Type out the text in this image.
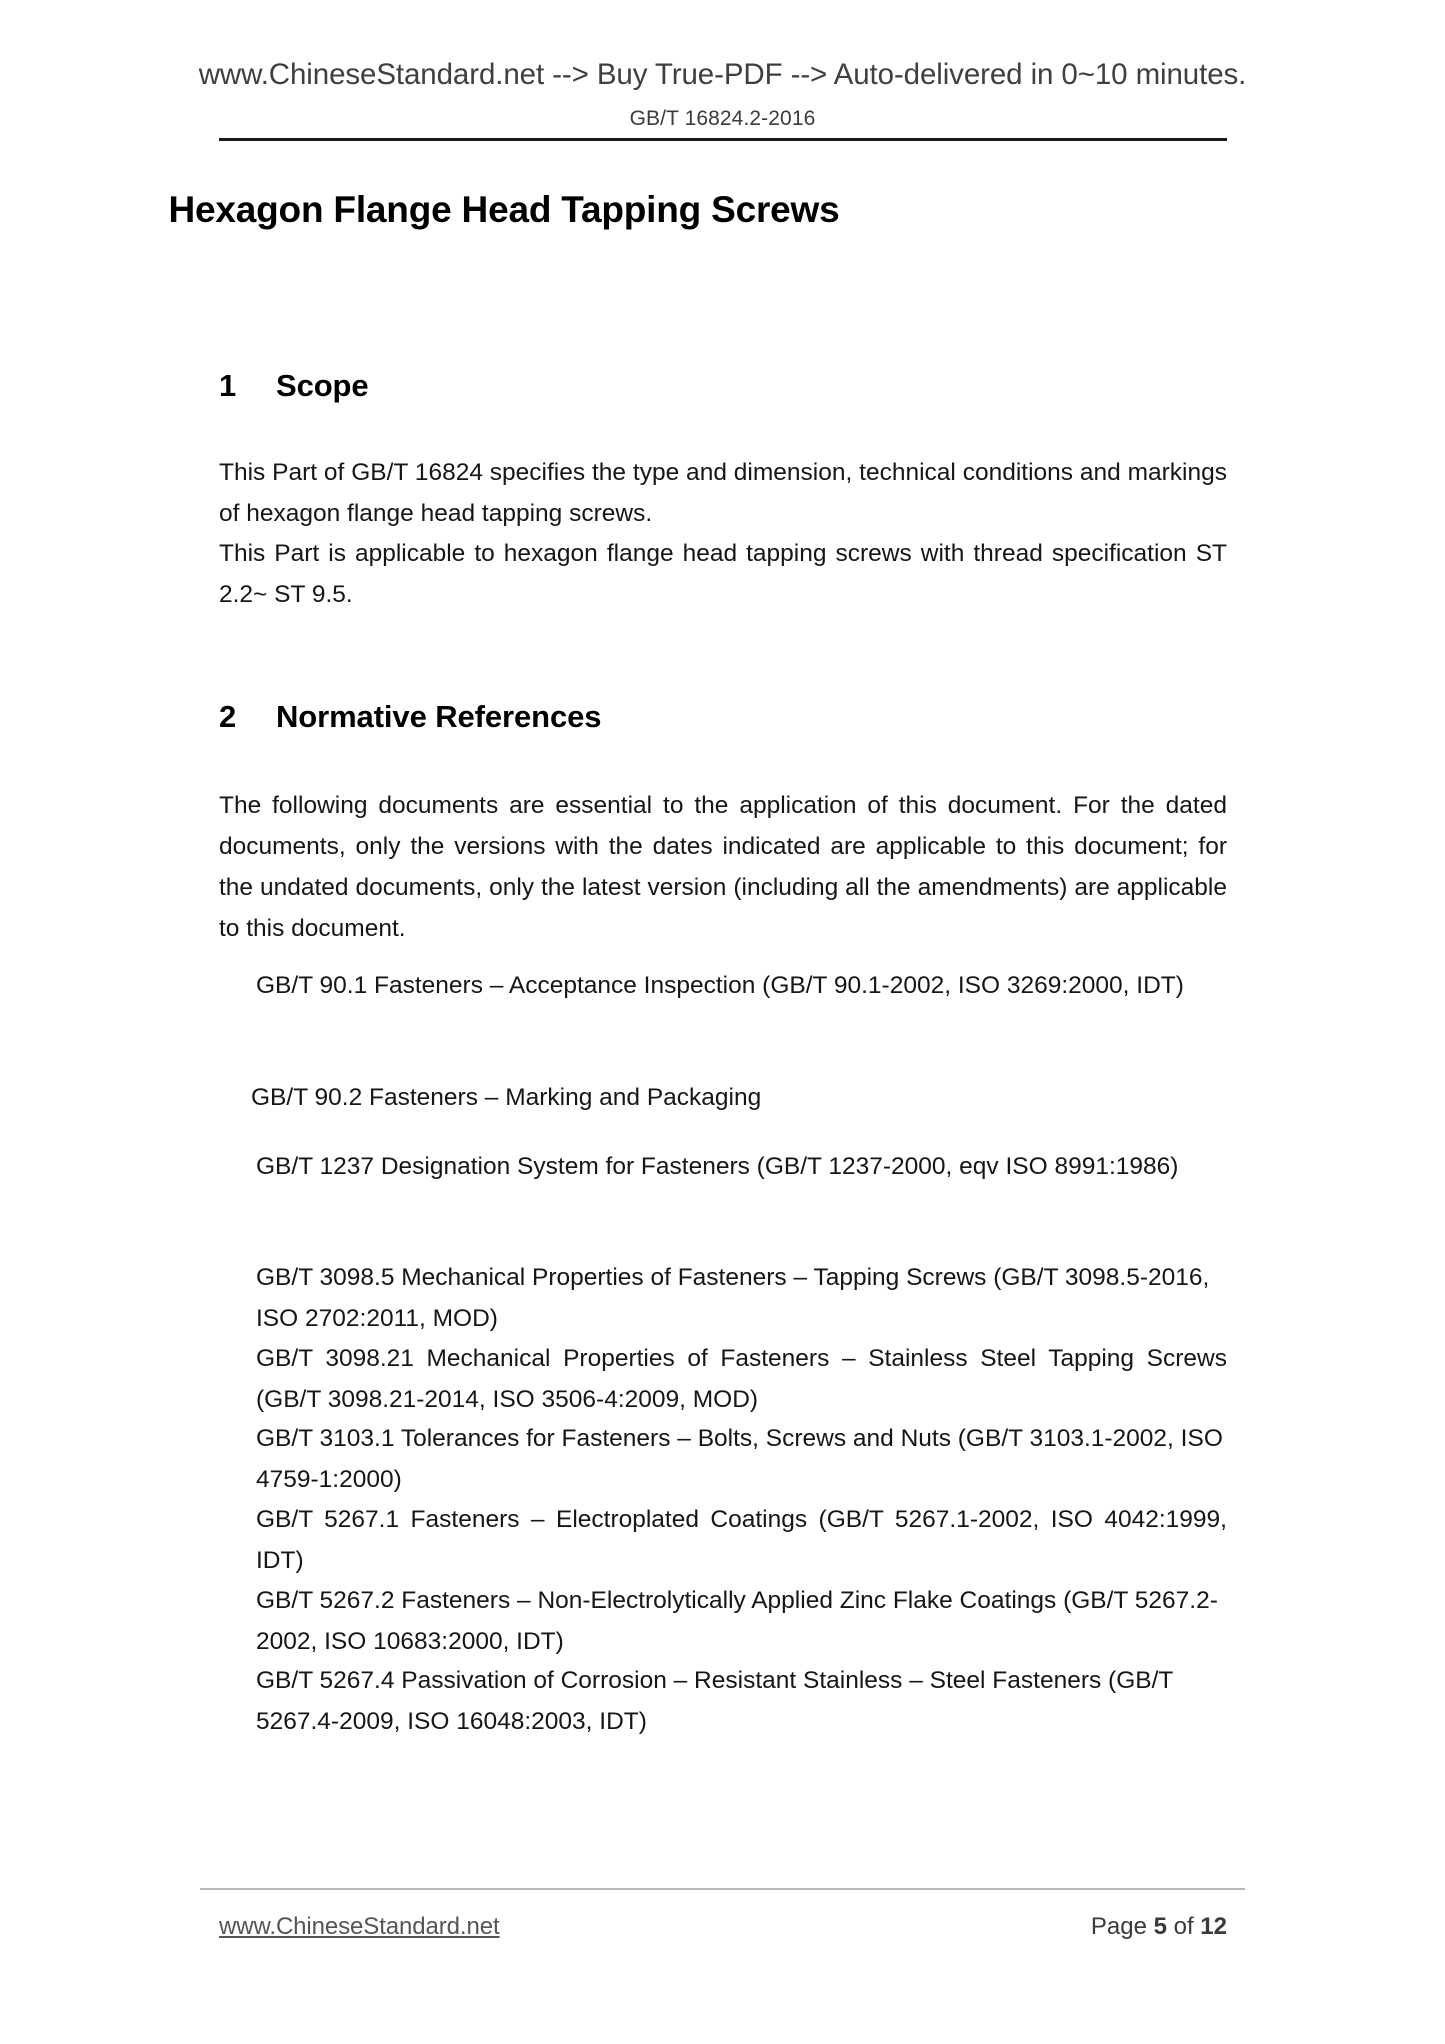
www.ChineseStandard.net --> Buy True-PDF --> Auto-delivered in 0~10 minutes.
GB/T 16824.2-2016
Hexagon Flange Head Tapping Screws
1 Scope
This Part of GB/T 16824 specifies the type and dimension, technical conditions and markings of hexagon flange head tapping screws.
This Part is applicable to hexagon flange head tapping screws with thread specification ST 2.2~ ST 9.5.
2 Normative References
The following documents are essential to the application of this document. For the dated documents, only the versions with the dates indicated are applicable to this document; for the undated documents, only the latest version (including all the amendments) are applicable to this document.
GB/T 90.1 Fasteners – Acceptance Inspection (GB/T 90.1-2002, ISO 3269:2000, IDT)
GB/T 90.2 Fasteners – Marking and Packaging
GB/T 1237 Designation System for Fasteners (GB/T 1237-2000, eqv ISO 8991:1986)
GB/T 3098.5 Mechanical Properties of Fasteners – Tapping Screws (GB/T 3098.5-2016, ISO 2702:2011, MOD)
GB/T 3098.21 Mechanical Properties of Fasteners – Stainless Steel Tapping Screws (GB/T 3098.21-2014, ISO 3506-4:2009, MOD)
GB/T 3103.1 Tolerances for Fasteners – Bolts, Screws and Nuts (GB/T 3103.1-2002, ISO 4759-1:2000)
GB/T 5267.1 Fasteners – Electroplated Coatings (GB/T 5267.1-2002, ISO 4042:1999, IDT)
GB/T 5267.2 Fasteners – Non-Electrolytically Applied Zinc Flake Coatings (GB/T 5267.2-2002, ISO 10683:2000, IDT)
GB/T 5267.4 Passivation of Corrosion – Resistant Stainless – Steel Fasteners (GB/T 5267.4-2009, ISO 16048:2003, IDT)
www.ChineseStandard.net	Page 5 of 12
